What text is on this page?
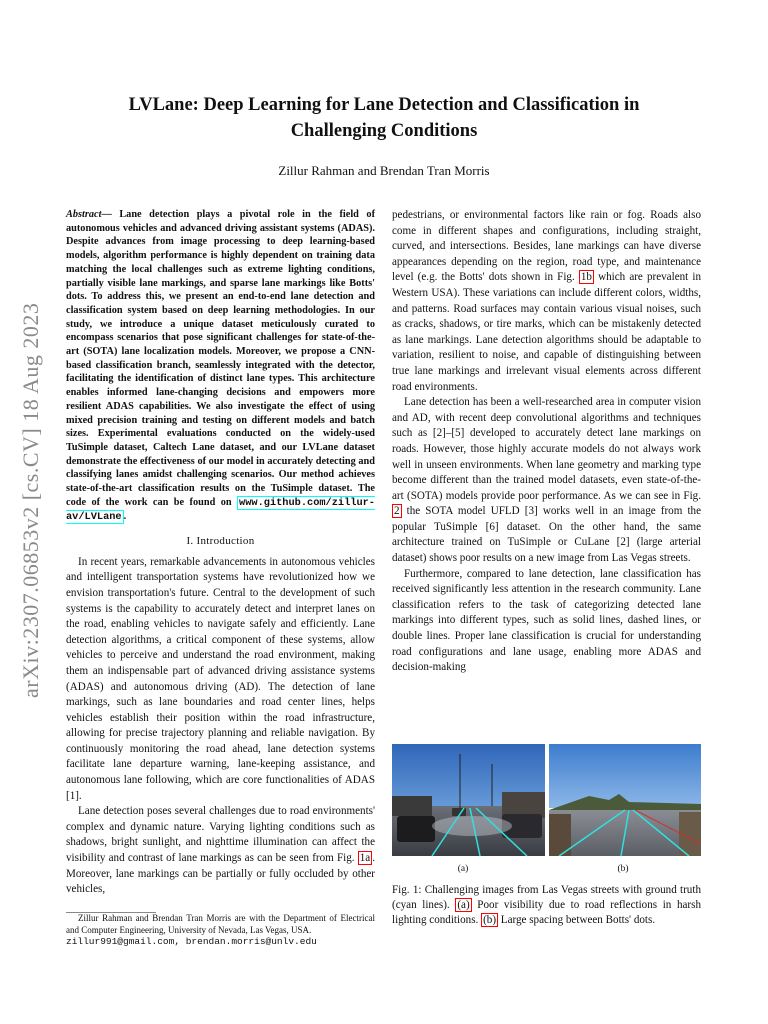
arXiv:2307.06853v2 [cs.CV] 18 Aug 2023
LVLane: Deep Learning for Lane Detection and Classification in
Challenging Conditions
Zillur Rahman and Brendan Tran Morris

Abstract— Lane detection plays a pivotal role in the field of autonomous vehicles and advanced driving assistant systems (ADAS). Despite advances from image processing to deep learning-based models, algorithm performance is highly dependent on training data matching the local challenges such as extreme lighting conditions, partially visible lane markings, and sparse lane markings like Botts' dots. To address this, we present an end-to-end lane detection and classification system based on deep learning methodologies. In our study, we introduce a unique dataset meticulously curated to encompass scenarios that pose significant challenges for state-of-the-art (SOTA) lane localization models. Moreover, we propose a CNN-based classification branch, seamlessly integrated with the detector, facilitating the identification of distinct lane types. This architecture enables informed lane-changing decisions and empowers more resilient ADAS capabilities. We also investigate the effect of using mixed precision training and testing on different models and batch sizes. Experimental evaluations conducted on the widely-used TuSimple dataset, Caltech Lane dataset, and our LVLane dataset demonstrate the effectiveness of our model in accurately detecting and classifying lanes amidst challenging scenarios. Our method achieves state-of-the-art classification results on the TuSimple dataset. The code of the work can be found on www.github.com/zillur-av/LVLane .

I. Introduction

In recent years, remarkable advancements in autonomous vehicles and intelligent transportation systems have revolutionized how we envision transportation's future. Central to the development of such systems is the capability to accurately detect and interpret lanes on the road, enabling vehicles to navigate safely and efficiently. Lane detection algorithms, a critical component of these systems, allow vehicles to perceive and understand the road environment, making them an indispensable part of advanced driving assistance systems (ADAS) and autonomous driving (AD). The detection of lane markings, such as lane boundaries and road center lines, helps vehicles establish their position within the road infrastructure, allowing for precise trajectory planning and reliable navigation. By continuously monitoring the road ahead, lane detection systems facilitate lane departure warning, lane-keeping assistance, and autonomous lane following, which are core functionalities of ADAS [1].

Lane detection poses several challenges due to road environments' complex and dynamic nature. Varying lighting conditions such as shadows, bright sunlight, and nighttime illumination can affect the visibility and contrast of lane markings as can be seen from Fig. 1a . Moreover, lane markings can be partially or fully occluded by other vehicles,

Zillur Rahman and Brendan Tran Morris are with the Department of Electrical and Computer Engineering, University of Nevada, Las Vegas, USA.

zillur991@gmail.com, brendan.morris@unlv.edu

pedestrians, or environmental factors like rain or fog. Roads also come in different shapes and configurations, including straight, curved, and intersections. Besides, lane markings can have diverse appearances depending on the region, road type, and maintenance level (e.g. the Botts' dots shown in Fig. 1b which are prevalent in Western USA). These variations can include different colors, widths, and patterns. Road surfaces may contain various visual noises, such as cracks, shadows, or tire marks, which can be mistakenly detected as lane markings. Lane detection algorithms should be adaptable to variation, resilient to noise, and capable of distinguishing between true lane markings and irrelevant visual elements across different road environments.

Lane detection has been a well-researched area in computer vision and AD, with recent deep convolutional algorithms and techniques such as [2]–[5] developed to accurately detect lane markings on roads. However, those highly accurate models do not always work well in unseen environments. When lane geometry and marking type become different than the trained model datasets, even state-of-the-art (SOTA) models provide poor performance. As we can see in Fig. 2 the SOTA model UFLD [3] works well in an image from the popular TuSimple [6] dataset. On the other hand, the same architecture trained on TuSimple or CuLane [2] (large arterial dataset) shows poor results on a new image from Las Vegas streets.

Furthermore, compared to lane detection, lane classification has received significantly less attention in the research community. Lane classification refers to the task of categorizing detected lane markings into different types, such as solid lines, dashed lines, or double lines. Proper lane classification is crucial for understanding road configurations and lane usage, enabling more ADAS and decision-making

(a)	(b)
Fig. 1: Challenging images from Las Vegas streets with ground truth (cyan lines). (a) Poor visibility due to road reflections in harsh lighting conditions. (b) Large spacing between Botts' dots.
